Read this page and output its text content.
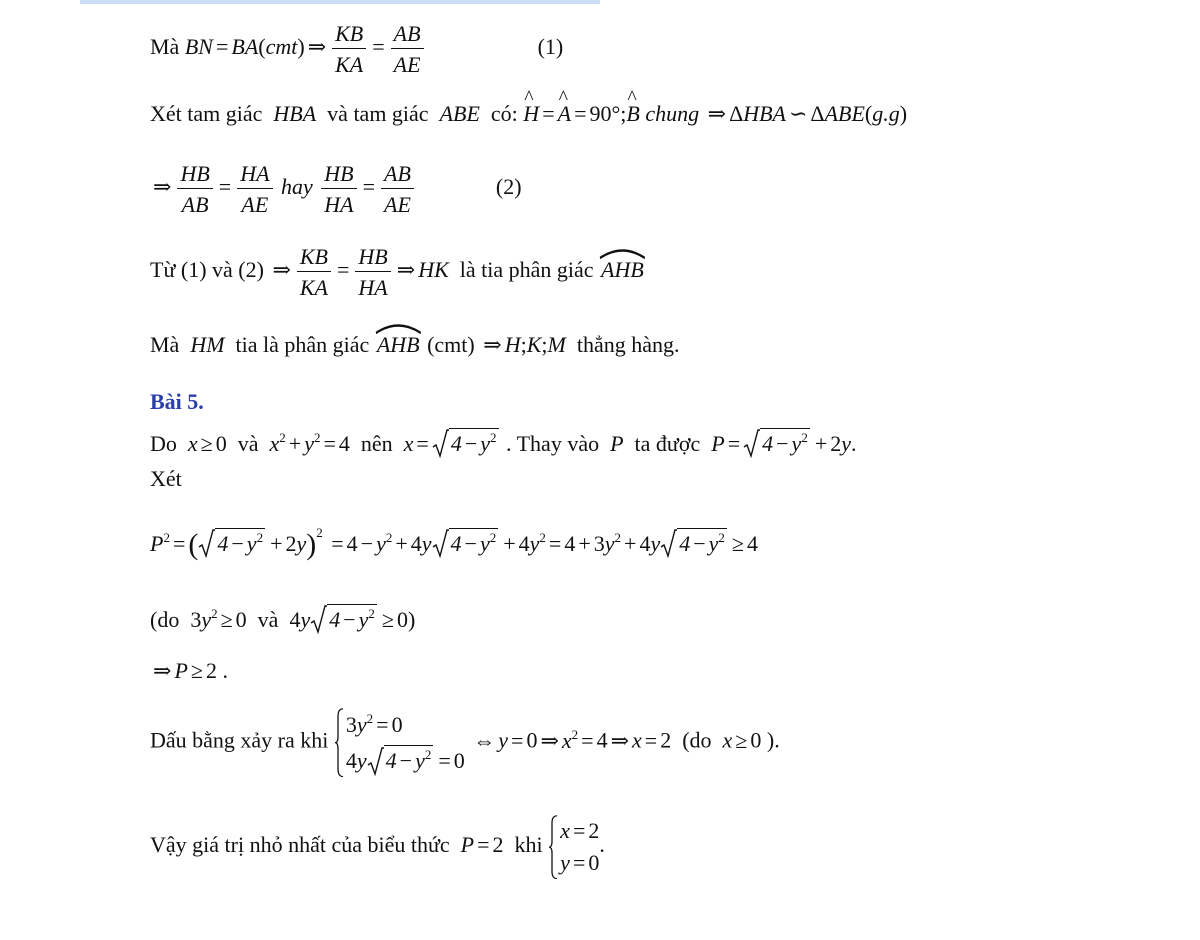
Mà BN = BA(cmt) ⇒ $\frac{KB}{KA} = \frac{AB}{AE}$	(1)
Xét tam giác  HBA  và tam giác  ABE  có: ^ H = ^ A = 90°;^ B chung ⇒ ΔHBA ∽ ΔABE(g.g)
⇒ $\frac{HB}{AB} = \frac{HA}{AE}$ hay $\frac{HB}{HA} = \frac{AB}{AE}$	(2)
Từ (1) và (2) ⇒ $\frac{KB}{KA} = \frac{HB}{HA}$ ⇒ HK  là tia phân giác AHB
Mà  HM  tia là phân giác AHB (cmt) ⇒ H;K;M  thẳng hàng.
Bài 5.
Do  x ≥ 0  và  $x^2 + y^2 = 4$  nên  $x = 4 - y^2$ . Thay vào  P  ta được  $P = 4 - y^2 + 2y$.
Xét
$P^2$ = ( $4 - y^2 + 2y)^2 = 4 - y^2 + 4y$ $4 - y^2 + 4y^2 = 4 + 3y^2 + 4y$ $4 - y^2 \ge 4$
(do  $3y^2 \ge 0$  và  4y $4 - y^2 \ge 0$)
⇒ P ≥ 2 .
Dấu bằng xảy ra khi
$3y^2 = 0$
4y $4 - y^2 = 0$
⇔ y = 0 ⇒ $x^2 = 4$ ⇒ x = 2  (do  x ≥ 0 ).
Vậy giá trị nhỏ nhất của biểu thức  P = 2  khi
x = 2
y = 0
.
